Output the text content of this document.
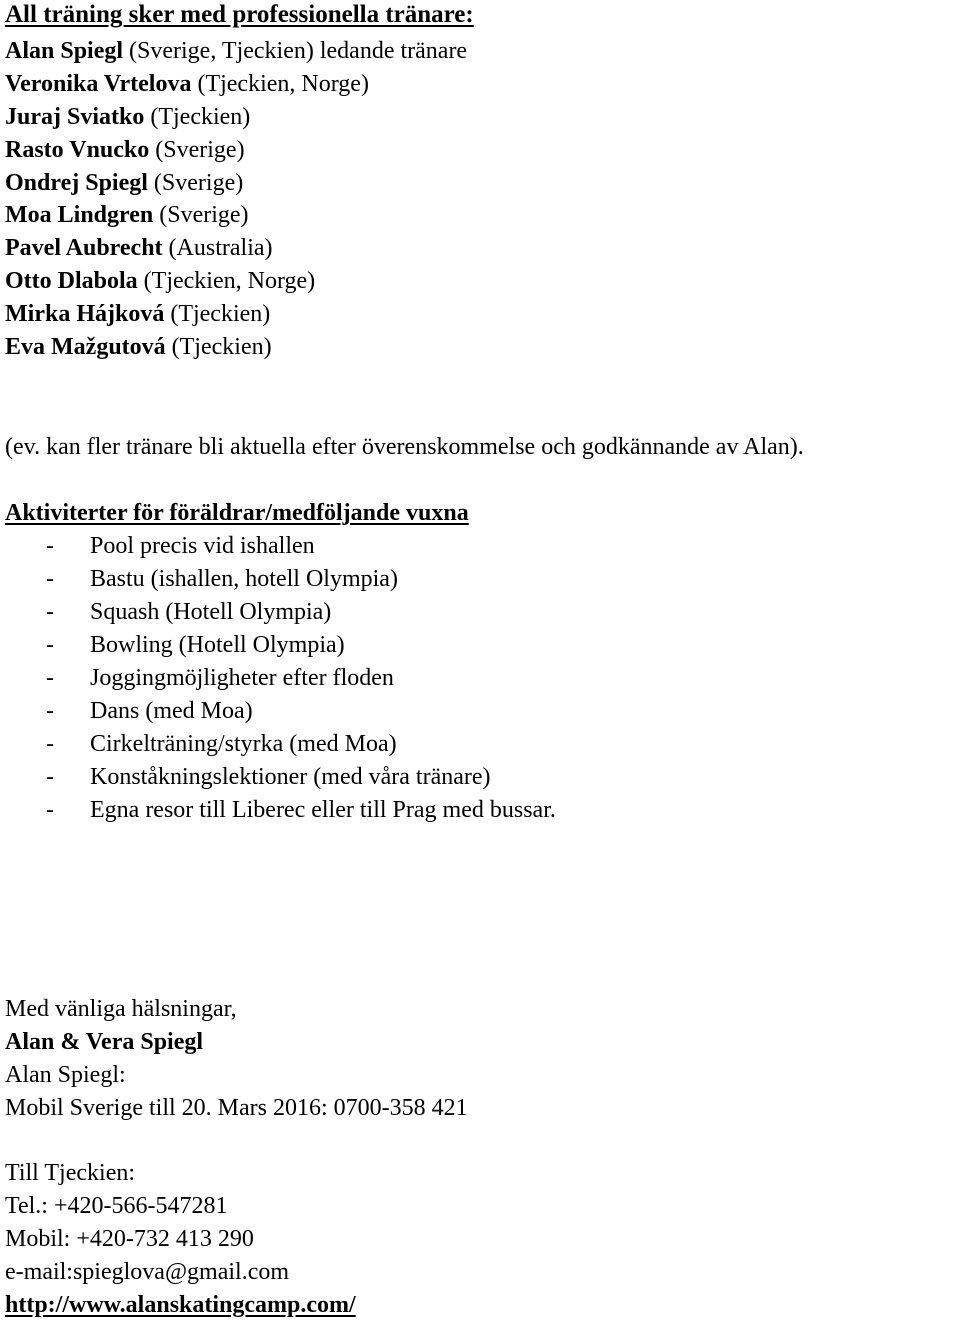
All träning sker med professionella tränare:
Alan Spiegl (Sverige, Tjeckien) ledande tränare
Veronika Vrtelova (Tjeckien, Norge)
Juraj Sviatko (Tjeckien)
Rasto Vnucko (Sverige)
Ondrej Spiegl (Sverige)
Moa Lindgren (Sverige)
Pavel Aubrecht (Australia)
Otto Dlabola (Tjeckien, Norge)
Mirka Hájková (Tjeckien)
Eva Mažgutová (Tjeckien)
(ev. kan fler tränare bli aktuella efter överenskommelse och godkännande av Alan).
Aktiviterter för föräldrar/medföljande vuxna
- Pool precis vid ishallen
- Bastu (ishallen, hotell Olympia)
- Squash (Hotell Olympia)
- Bowling (Hotell Olympia)
- Joggingmöjligheter efter floden
- Dans (med Moa)
- Cirkelträning/styrka (med Moa)
- Konståkningslektioner (med våra tränare)
- Egna resor till Liberec eller till Prag med bussar.
Med vänliga hälsningar,
Alan & Vera Spiegl
Alan Spiegl:
Mobil Sverige till 20. Mars 2016: 0700-358 421
Till Tjeckien:
Tel.: +420-566-547281
Mobil: +420-732 413 290
e-mail:spieglova@gmail.com
http://www.alanskatingcamp.com/
